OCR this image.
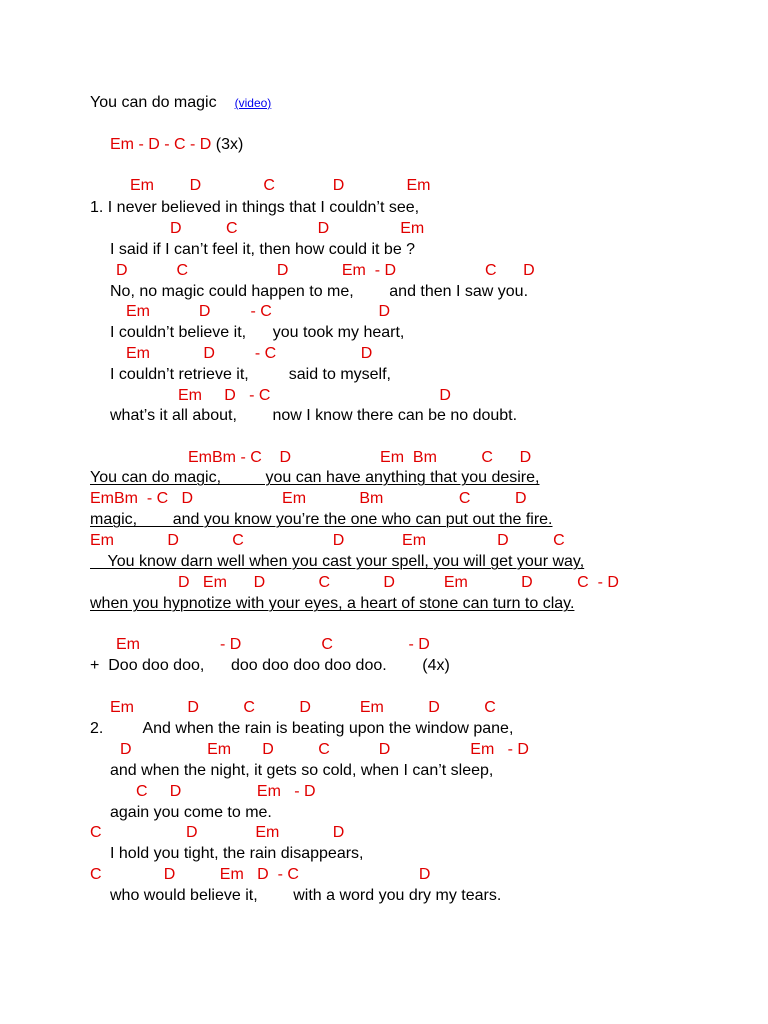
You can do magic (video)
Em - D - C - D (3x)
Em        D              C             D              Em
1. I never believed in things that I couldn’t see,
D          C                  D                Em
I said if I can’t feel it, then how could it be ?
D           C                    D            Em  - D                    C      D
No, no magic could happen to me,        and then I saw you.
Em           D         - C                        D
I couldn’t believe it,      you took my heart,
Em            D         - C                   D
I couldn’t retrieve it,         said to myself,
Em     D   - C                                      D
what’s it all about,        now I know there can be no doubt.
EmBm - C    D                    Em  Bm          C      D
You can do magic,          you can have anything that you desire,
EmBm  - C   D                    Em            Bm                 C          D
magic,        and you know you’re the one who can put out the fire.
Em            D            C                    D             Em                D          C
You know darn well when you cast your spell, you will get your way,
D   Em      D            C            D           Em            D          C  - D
when you hypnotize with your eyes, a heart of stone can turn to clay.
Em                  - D                  C                 - D
+  Doo doo doo,      doo doo doo doo doo.        (4x)
Em            D          C          D           Em          D          C
2.         And when the rain is beating upon the window pane,
D                 Em       D          C           D                  Em   - D
and when the night, it gets so cold, when I can’t sleep,
C     D                 Em   - D
again you come to me.
C                   D             Em            D
I hold you tight, the rain disappears,
C              D          Em   D  - C                           D
who would believe it,        with a word you dry my tears.
